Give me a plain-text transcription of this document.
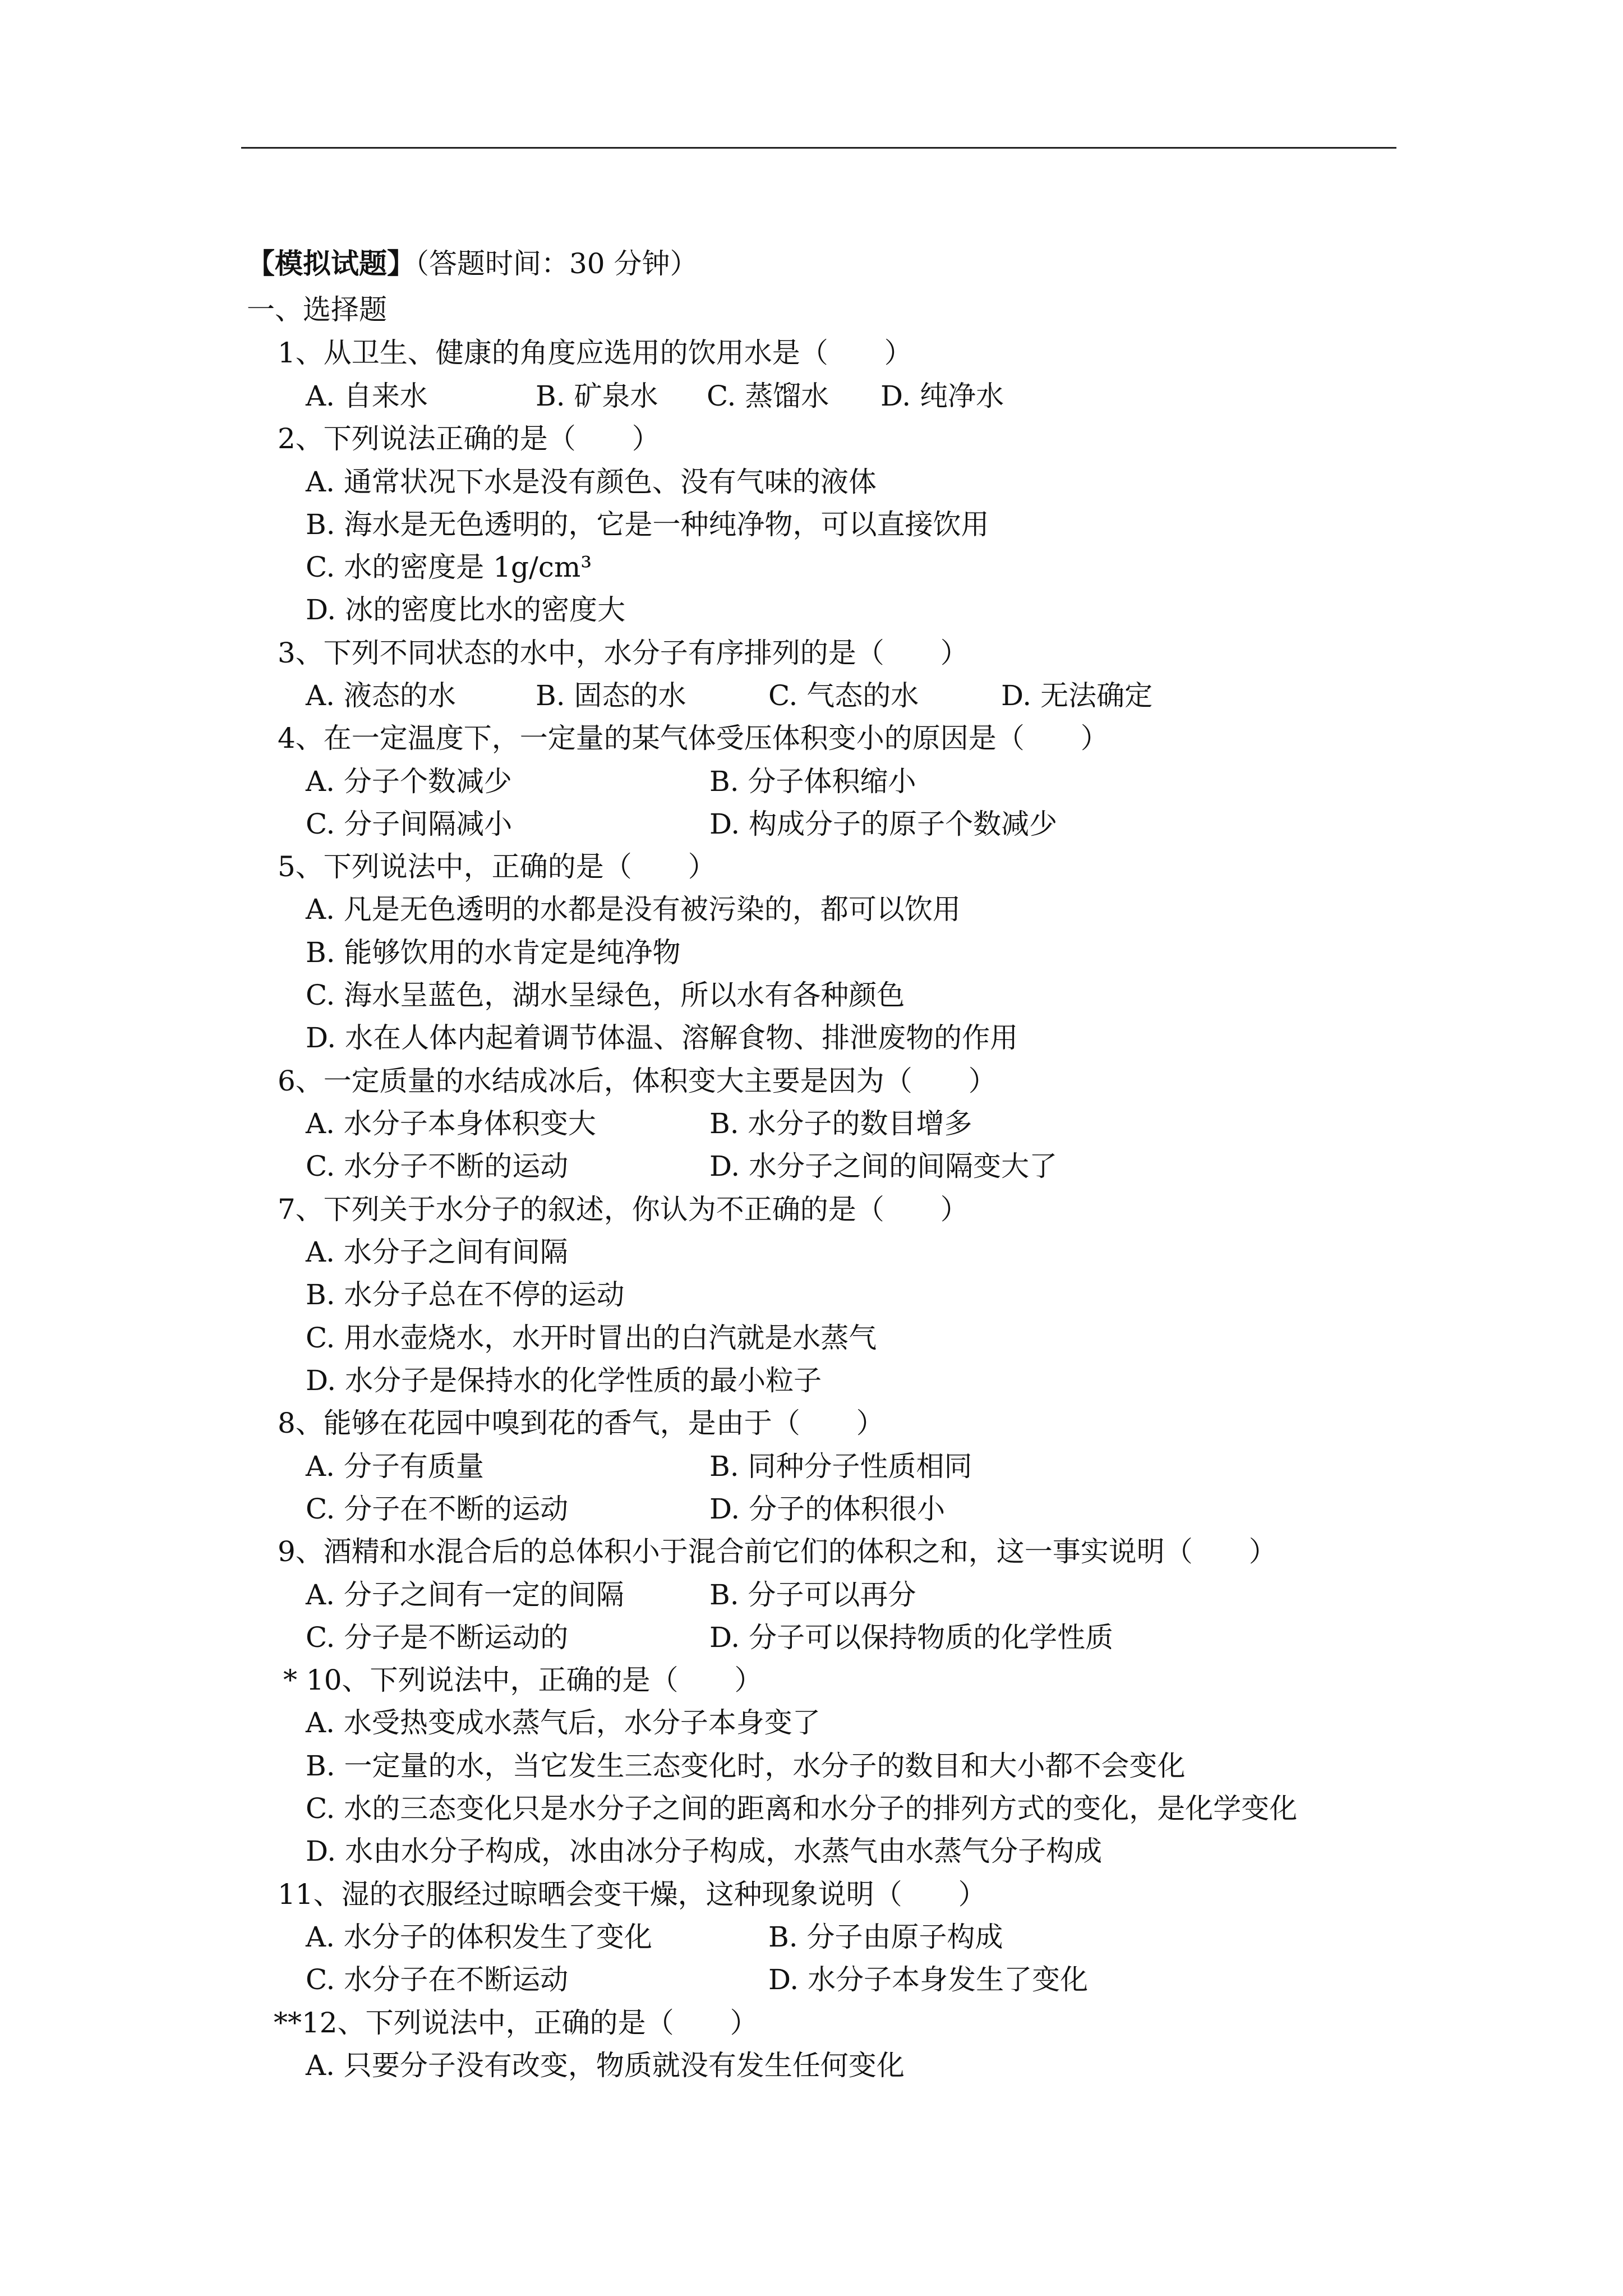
【模拟试题】（答题时间：30 分钟）
一、选择题
1、从卫生、健康的角度应选用的饮用水是（　　）
A. 自来水	B. 矿泉水 C. 蒸馏水 D. 纯净水
2、下列说法正确的是（　　）
A. 通常状况下水是没有颜色、没有气味的液体
B. 海水是无色透明的，它是一种纯净物，可以直接饮用
C. 水的密度是 1g/cm³
D. 冰的密度比水的密度大
3、下列不同状态的水中，水分子有序排列的是（　　）
A. 液态的水	B. 固态的水	C. 气态的水	D. 无法确定
4、在一定温度下，一定量的某气体受压体积变小的原因是（　　）
A. 分子个数减少	B. 分子体积缩小
C. 分子间隔减小	D. 构成分子的原子个数减少
5、下列说法中，正确的是（　　）
A. 凡是无色透明的水都是没有被污染的，都可以饮用
B. 能够饮用的水肯定是纯净物
C. 海水呈蓝色，湖水呈绿色，所以水有各种颜色
D. 水在人体内起着调节体温、溶解食物、排泄废物的作用
6、一定质量的水结成冰后，体积变大主要是因为（　　）
A. 水分子本身体积变大	B. 水分子的数目增多
C. 水分子不断的运动	D. 水分子之间的间隔变大了
7、下列关于水分子的叙述，你认为不正确的是（　　）
A. 水分子之间有间隔
B. 水分子总在不停的运动
C. 用水壶烧水，水开时冒出的白汽就是水蒸气
D. 水分子是保持水的化学性质的最小粒子
8、能够在花园中嗅到花的香气，是由于（　　）
A. 分子有质量	B. 同种分子性质相同
C. 分子在不断的运动	D. 分子的体积很小
9、酒精和水混合后的总体积小于混合前它们的体积之和，这一事实说明（　　）
A. 分子之间有一定的间隔	B. 分子可以再分
C. 分子是不断运动的	D. 分子可以保持物质的化学性质
* 10、下列说法中，正确的是（　　）
A. 水受热变成水蒸气后，水分子本身变了
B. 一定量的水，当它发生三态变化时，水分子的数目和大小都不会变化
C. 水的三态变化只是水分子之间的距离和水分子的排列方式的变化，是化学变化
D. 水由水分子构成，冰由冰分子构成，水蒸气由水蒸气分子构成
11、湿的衣服经过晾晒会变干燥，这种现象说明（　　）
A. 水分子的体积发生了变化	B. 分子由原子构成
C. 水分子在不断运动	D. 水分子本身发生了变化
**12、下列说法中，正确的是（　　）
A. 只要分子没有改变，物质就没有发生任何变化
